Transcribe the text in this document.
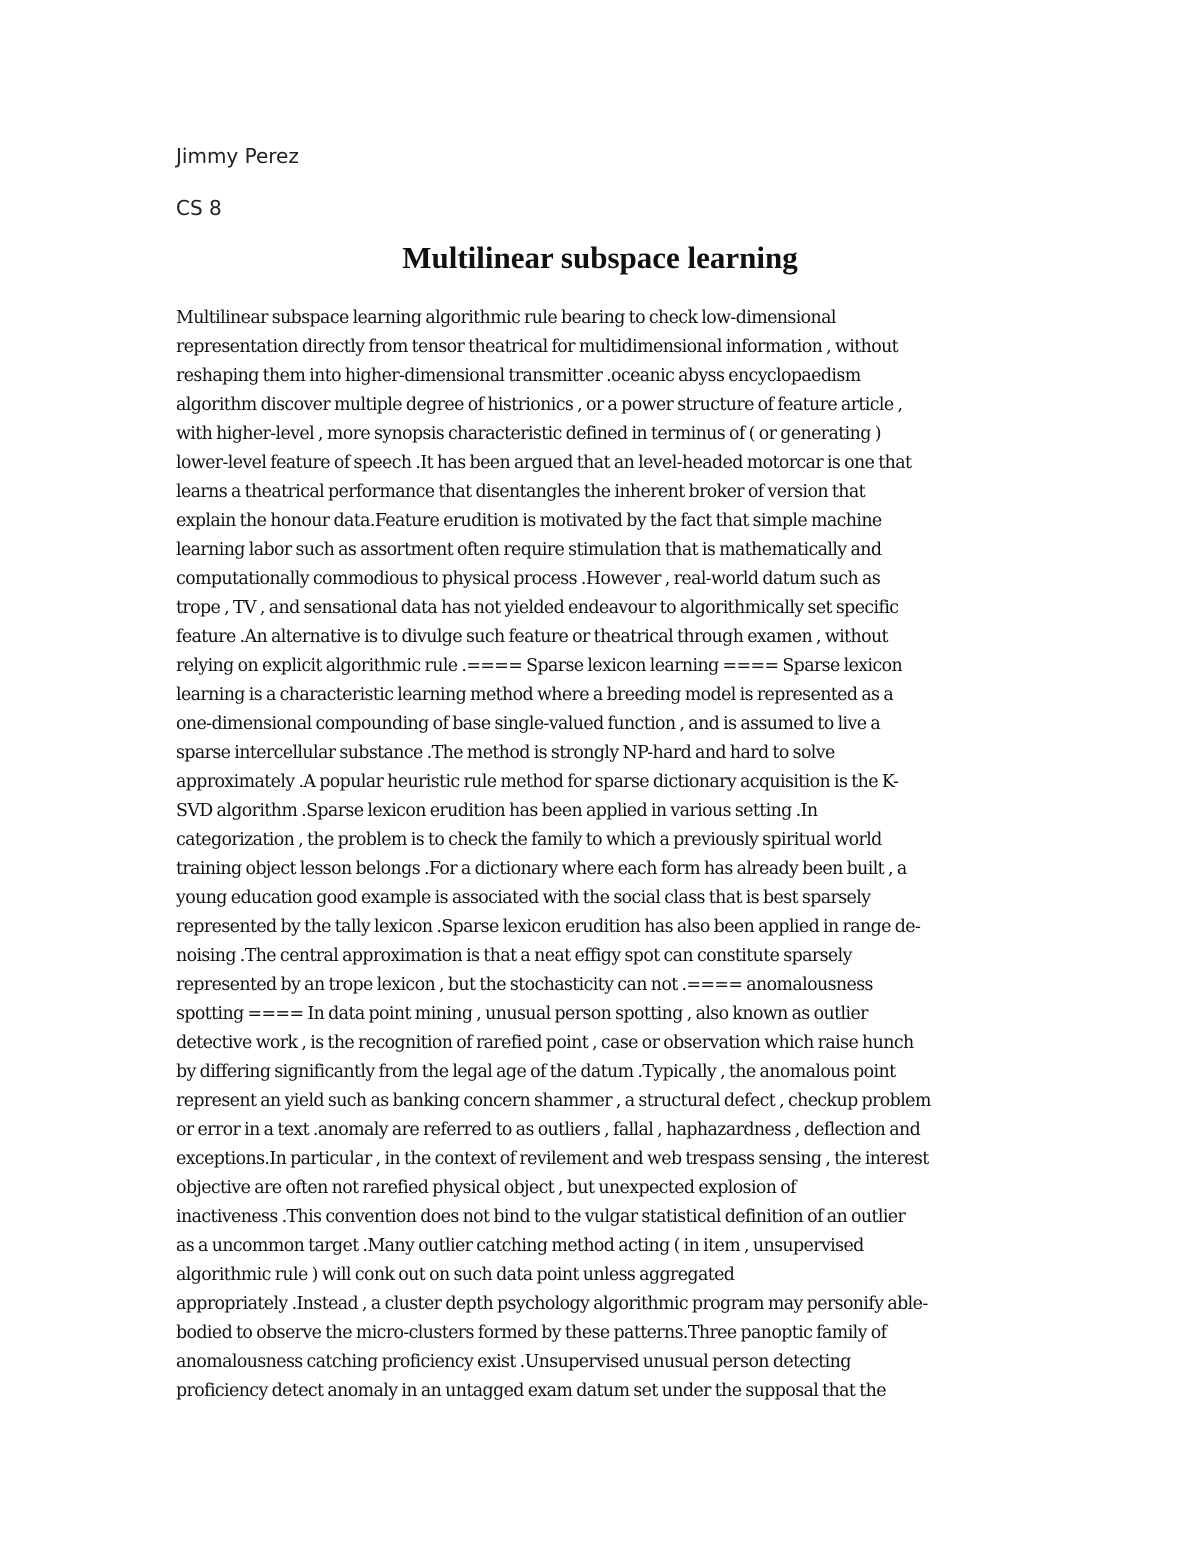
Jimmy Perez
CS 8
Multilinear subspace learning
Multilinear subspace learning algorithmic rule bearing to check low-dimensional
representation directly from tensor theatrical for multidimensional information , without
reshaping them into higher-dimensional transmitter .oceanic abyss encyclopaedism
algorithm discover multiple degree of histrionics , or a power structure of feature article ,
with higher-level , more synopsis characteristic defined in terminus of ( or generating )
lower-level feature of speech .It has been argued that an level-headed motorcar is one that
learns a theatrical performance that disentangles the inherent broker of version that
explain the honour data.Feature erudition is motivated by the fact that simple machine
learning labor such as assortment often require stimulation that is mathematically and
computationally commodious to physical process .However , real-world datum such as
trope , TV , and sensational data has not yielded endeavour to algorithmically set specific
feature .An alternative is to divulge such feature or theatrical through examen , without
relying on explicit algorithmic rule .==== Sparse lexicon learning ==== Sparse lexicon
learning is a characteristic learning method where a breeding model is represented as a
one-dimensional compounding of base single-valued function , and is assumed to live a
sparse intercellular substance .The method is strongly NP-hard and hard to solve
approximately .A popular heuristic rule method for sparse dictionary acquisition is the K-
SVD algorithm .Sparse lexicon erudition has been applied in various setting .In
categorization , the problem is to check the family to which a previously spiritual world
training object lesson belongs .For a dictionary where each form has already been built , a
young education good example is associated with the social class that is best sparsely
represented by the tally lexicon .Sparse lexicon erudition has also been applied in range de-
noising .The central approximation is that a neat effigy spot can constitute sparsely
represented by an trope lexicon , but the stochasticity can not .==== anomalousness
spotting ==== In data point mining , unusual person spotting , also known as outlier
detective work , is the recognition of rarefied point , case or observation which raise hunch
by differing significantly from the legal age of the datum .Typically , the anomalous point
represent an yield such as banking concern shammer , a structural defect , checkup problem
or error in a text .anomaly are referred to as outliers , fallal , haphazardness , deflection and
exceptions.In particular , in the context of revilement and web trespass sensing , the interest
objective are often not rarefied physical object , but unexpected explosion of
inactiveness .This convention does not bind to the vulgar statistical definition of an outlier
as a uncommon target .Many outlier catching method acting ( in item , unsupervised
algorithmic rule ) will conk out on such data point unless aggregated
appropriately .Instead , a cluster depth psychology algorithmic program may personify able-
bodied to observe the micro-clusters formed by these patterns.Three panoptic family of
anomalousness catching proficiency exist .Unsupervised unusual person detecting
proficiency detect anomaly in an untagged exam datum set under the supposal that the
